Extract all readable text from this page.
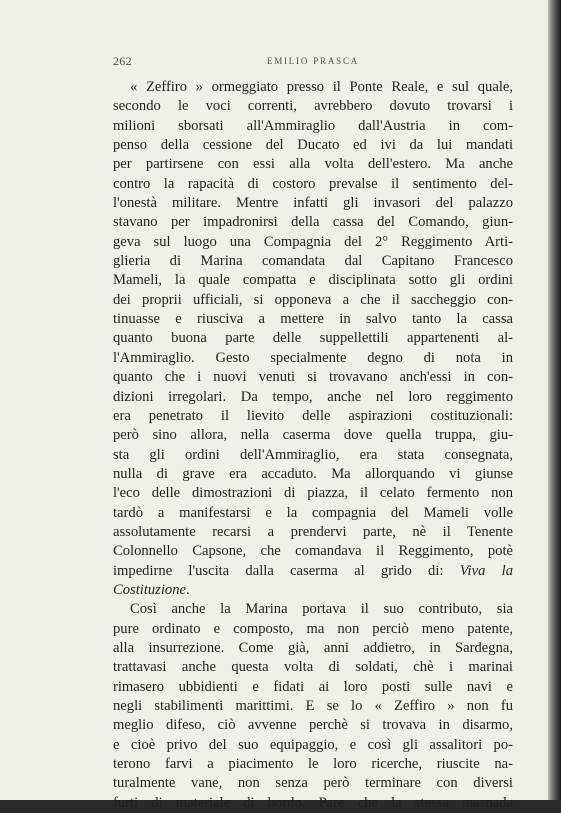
262	EMILIO PRASCA
« Zeffiro » ormeggiato presso il Ponte Reale, e sul quale,
secondo le voci correnti, avrebbero dovuto trovarsi i
milioni sborsati all'Ammiraglio dall'Austria in com-
penso della cessione del Ducato ed ivi da lui mandati
per partirsene con essi alla volta dell'estero. Ma anche
contro la rapacità di costoro prevalse il sentimento del-
l'onestà militare. Mentre infatti gli invasori del palazzo
stavano per impadronirsi della cassa del Comando, giun-
geva sul luogo una Compagnia del 2° Reggimento Arti-
glieria di Marina comandata dal Capitano Francesco
Mameli, la quale compatta e disciplinata sotto gli ordini
dei proprii ufficiali, si opponeva a che il saccheggio con-
tinuasse e riusciva a mettere in salvo tanto la cassa
quanto buona parte delle suppellettili appartenenti al-
l'Ammiraglio. Gesto specialmente degno di nota in
quanto che i nuovi venuti si trovavano anch'essi in con-
dizioni irregolari. Da tempo, anche nel loro reggimento
era penetrato il lievito delle aspirazioni costituzionali:
però sino allora, nella caserma dove quella truppa, giu-
sta gli ordini dell'Ammiraglio, era stata consegnata,
nulla di grave era accaduto. Ma allorquando vi giunse
l'eco delle dimostrazioni di piazza, il celato fermento non
tardò a manifestarsi e la compagnia del Mameli volle
assolutamente recarsi a prendervi parte, nè il Tenente
Colonnello Capsone, che comandava il Reggimento, potè
impedirne l'uscita dalla caserma al grido di: Viva la
Costituzione.
Così anche la Marina portava il suo contributo, sia
pure ordinato e composto, ma non perciò meno patente,
alla insurrezione. Come già, anni addietro, in Sardegna,
trattavasi anche questa volta di soldati, chè i marinai
rimasero ubbidienti e fidati ai loro posti sulle navi e
negli stabilimenti marittimi. E se lo « Zeffiro » non fu
meglio difeso, ciò avvenne perchè si trovava in disarmo,
e cioè privo del suo equipaggio, e così gli assalitori po-
terono farvi a piacimento le loro ricerche, riuscite na-
turalmente vane, non senza però terminare con diversi
furti di materiale di bordo. Pare che la stessa masnada
